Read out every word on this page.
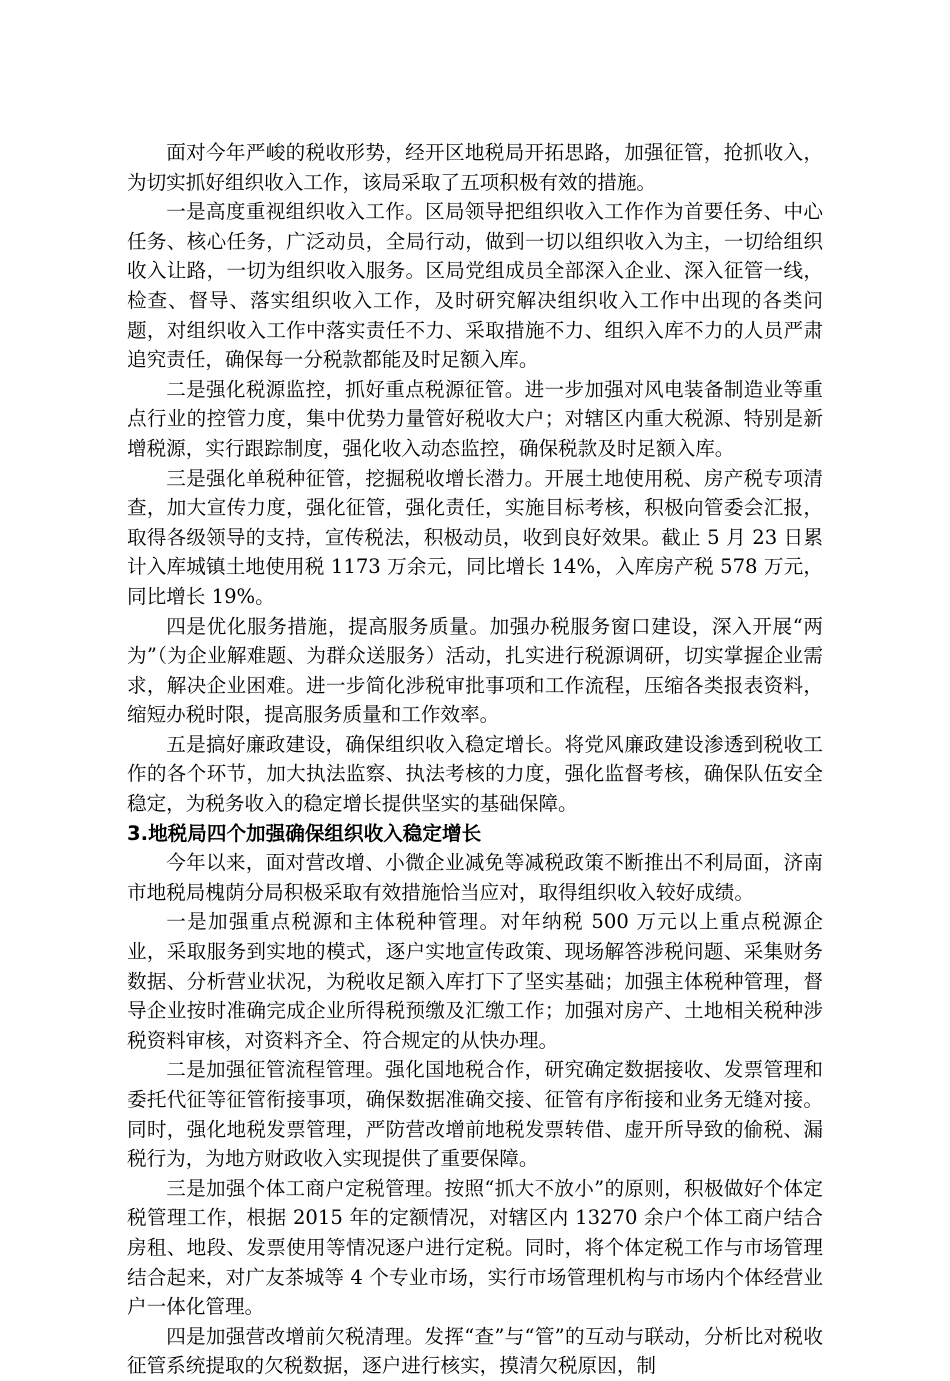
面对今年严峻的税收形势，经开区地税局开拓思路，加强征管，抢抓收入，为切实抓好组织收入工作，该局采取了五项积极有效的措施。

一是高度重视组织收入工作。区局领导把组织收入工作作为首要任务、中心任务、核心任务，广泛动员，全局行动，做到一切以组织收入为主，一切给组织收入让路，一切为组织收入服务。区局党组成员全部深入企业、深入征管一线，检查、督导、落实组织收入工作，及时研究解决组织收入工作中出现的各类问题，对组织收入工作中落实责任不力、采取措施不力、组织入库不力的人员严肃追究责任，确保每一分税款都能及时足额入库。

二是强化税源监控，抓好重点税源征管。进一步加强对风电装备制造业等重点行业的控管力度，集中优势力量管好税收大户；对辖区内重大税源、特别是新增税源，实行跟踪制度，强化收入动态监控，确保税款及时足额入库。

三是强化单税种征管，挖掘税收增长潜力。开展土地使用税、房产税专项清查，加大宣传力度，强化征管，强化责任，实施目标考核，积极向管委会汇报，取得各级领导的支持，宣传税法，积极动员，收到良好效果。截止 5 月 23 日累计入库城镇土地使用税 1173 万余元，同比增长 14%，入库房产税 578 万元，同比增长 19%。

四是优化服务措施，提高服务质量。加强办税服务窗口建设，深入开展“两为”（为企业解难题、为群众送服务）活动，扎实进行税源调研，切实掌握企业需求，解决企业困难。进一步简化涉税审批事项和工作流程，压缩各类报表资料，缩短办税时限，提高服务质量和工作效率。

五是搞好廉政建设，确保组织收入稳定增长。将党风廉政建设渗透到税收工作的各个环节，加大执法监察、执法考核的力度，强化监督考核，确保队伍安全稳定，为税务收入的稳定增长提供坚实的基础保障。

3.地税局四个加强确保组织收入稳定增长

今年以来，面对营改增、小微企业减免等减税政策不断推出不利局面，济南市地税局槐荫分局积极采取有效措施恰当应对，取得组织收入较好成绩。

一是加强重点税源和主体税种管理。对年纳税 500 万元以上重点税源企业，采取服务到实地的模式，逐户实地宣传政策、现场解答涉税问题、采集财务数据、分析营业状况，为税收足额入库打下了坚实基础；加强主体税种管理，督导企业按时准确完成企业所得税预缴及汇缴工作；加强对房产、土地相关税种涉税资料审核，对资料齐全、符合规定的从快办理。

二是加强征管流程管理。强化国地税合作，研究确定数据接收、发票管理和委托代征等征管衔接事项，确保数据准确交接、征管有序衔接和业务无缝对接。同时，强化地税发票管理，严防营改增前地税发票转借、虚开所导致的偷税、漏税行为，为地方财政收入实现提供了重要保障。

三是加强个体工商户定税管理。按照“抓大不放小”的原则，积极做好个体定税管理工作，根据 2015 年的定额情况，对辖区内 13270 余户个体工商户结合房租、地段、发票使用等情况逐户进行定税。同时，将个体定税工作与市场管理结合起来，对广友茶城等 4 个专业市场，实行市场管理机构与市场内个体经营业户一体化管理。

四是加强营改增前欠税清理。发挥“查”与“管”的互动与联动，分析比对税收征管系统提取的欠税数据，逐户进行核实，摸清欠税原因，制
